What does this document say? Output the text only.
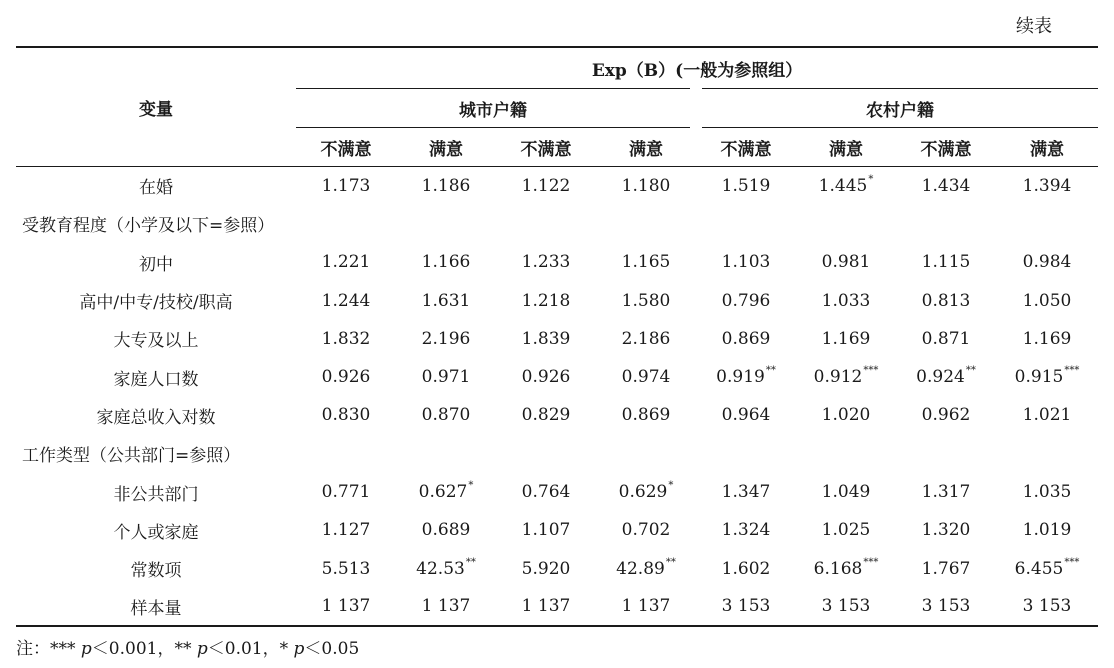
续表
变量	Exp（B）(一般为参照组）							
	城市户籍				农村户籍			
	不满意	满意	不满意	满意	不满意	满意	不满意	满意
在婚	1.173	1.186	1.122	1.180	1.519	1.445*	1.434	1.394
受教育程度（小学及以下=参照）								
初中	1.221	1.166	1.233	1.165	1.103	0.981	1.115	0.984
高中/中专/技校/职高	1.244	1.631	1.218	1.580	0.796	1.033	0.813	1.050
大专及以上	1.832	2.196	1.839	2.186	0.869	1.169	0.871	1.169
家庭人口数	0.926	0.971	0.926	0.974	0.919**	0.912***	0.924**	0.915***
家庭总收入对数	0.830	0.870	0.829	0.869	0.964	1.020	0.962	1.021
工作类型（公共部门=参照）								
非公共部门	0.771	0.627*	0.764	0.629*	1.347	1.049	1.317	1.035
个人或家庭	1.127	0.689	1.107	0.702	1.324	1.025	1.320	1.019
常数项	5.513	42.53**	5.920	42.89**	1.602	6.168***	1.767	6.455***
样本量	1 137	1 137	1 137	1 137	3 153	3 153	3 153	3 153
注：*** p＜0.001，** p＜0.01，* p＜0.05
